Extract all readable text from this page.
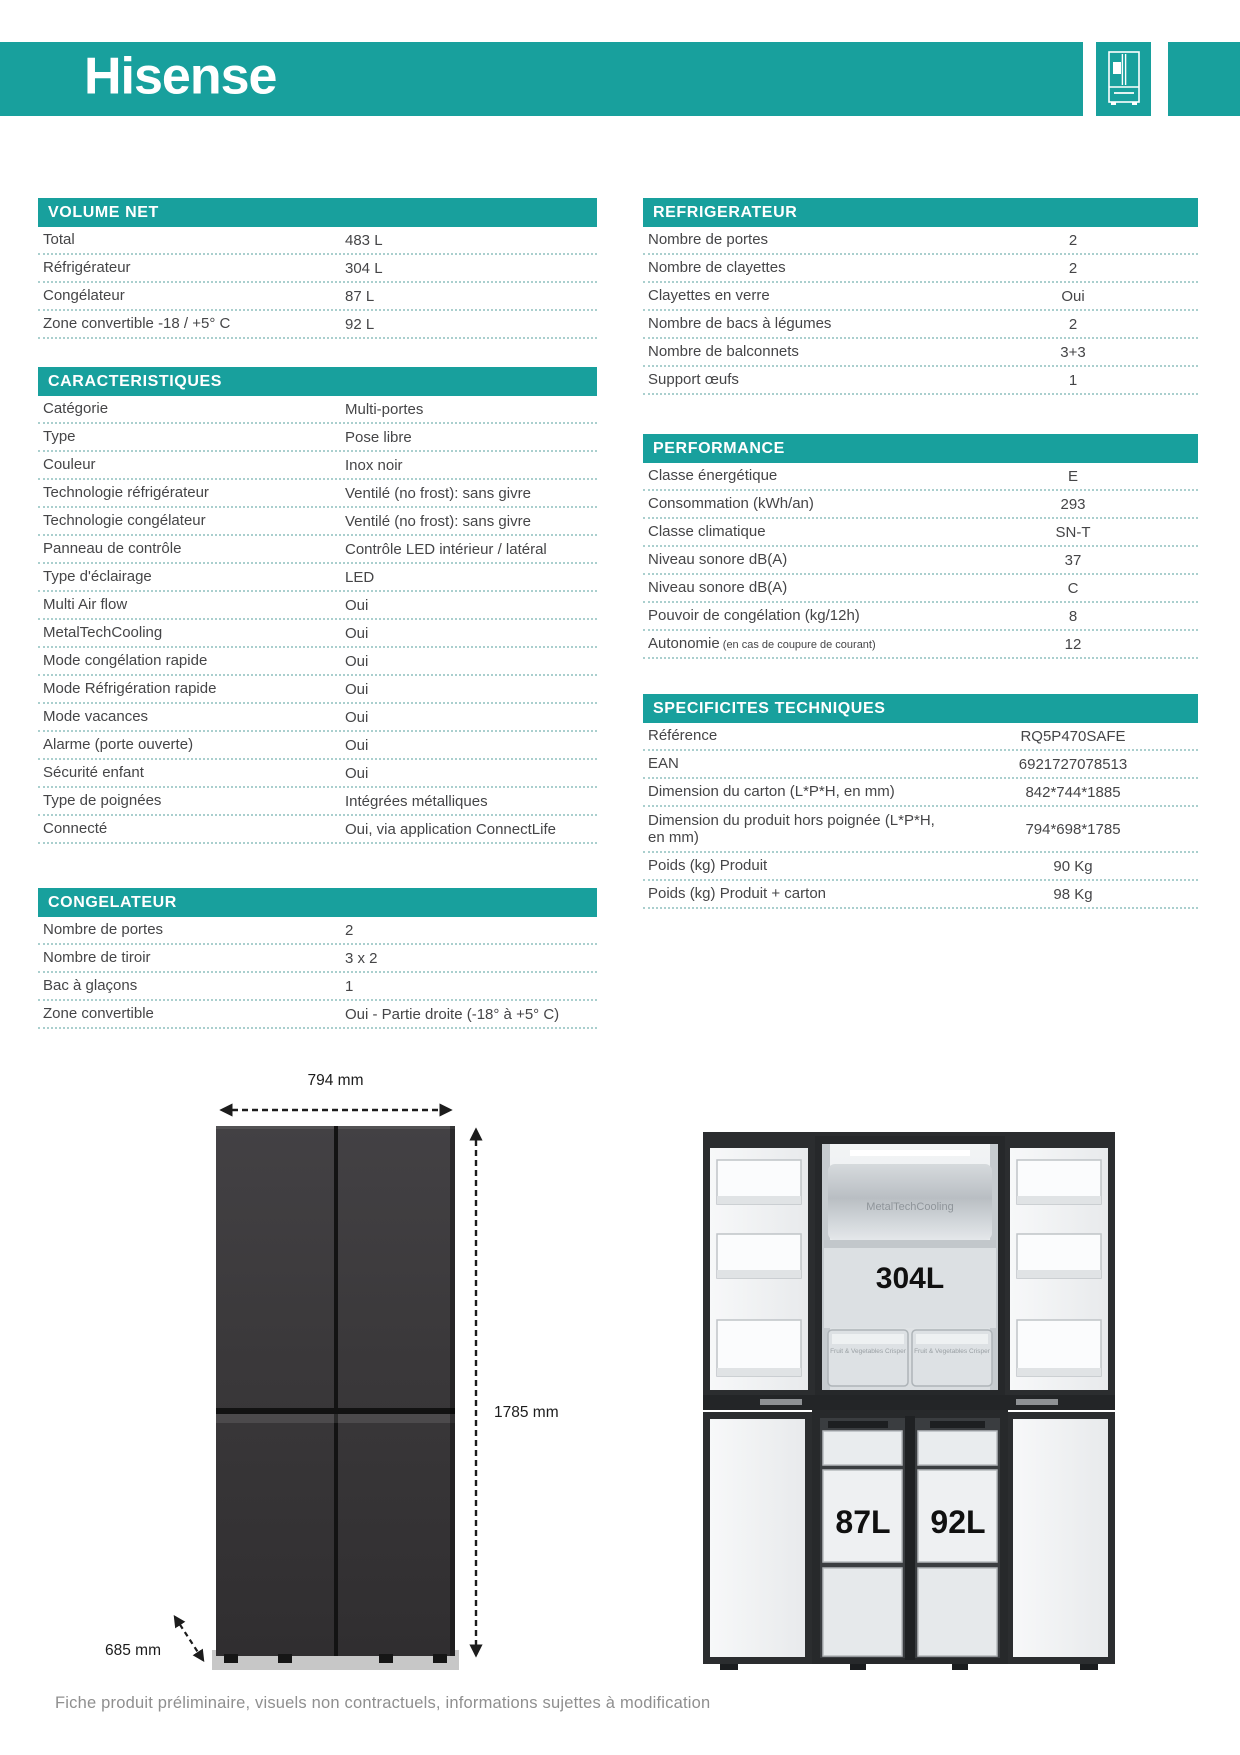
Hisense
VOLUME NET
Total	483 L
Réfrigérateur	304 L
Congélateur	87 L
Zone convertible -18 / +5° C	92 L
CARACTERISTIQUES
Catégorie	Multi-portes
Type	Pose libre
Couleur	Inox noir
Technologie réfrigérateur	Ventilé (no frost): sans givre
Technologie congélateur	Ventilé (no frost): sans givre
Panneau de contrôle	Contrôle LED intérieur / latéral
Type d'éclairage	LED
Multi Air flow	Oui
MetalTechCooling	Oui
Mode congélation rapide	Oui
Mode Réfrigération rapide	Oui
Mode vacances	Oui
Alarme (porte ouverte)	Oui
Sécurité enfant	Oui
Type de poignées	Intégrées métalliques
Connecté	Oui, via application ConnectLife
CONGELATEUR
Nombre de portes	2
Nombre de tiroir	3 x 2
Bac à glaçons	1
Zone convertible	Oui - Partie droite (-18° à +5° C)
REFRIGERATEUR
Nombre de portes	2
Nombre de clayettes	2
Clayettes en verre	Oui
Nombre de bacs à légumes	2
Nombre de balconnets	3+3
Support œufs	1
PERFORMANCE
Classe énergétique	E
Consommation (kWh/an)	293
Classe climatique	SN-T
Niveau sonore dB(A)	37
Niveau sonore dB(A)	C
Pouvoir de congélation (kg/12h)	8
Autonomie (en cas de coupure de courant)	12
SPECIFICITES TECHNIQUES
Référence	RQ5P470SAFE
EAN	6921727078513
Dimension du carton (L*P*H, en mm)	842*744*1885
Dimension du produit hors poignée (L*P*H, en mm)	794*698*1785
Poids (kg) Produit	90 Kg
Poids (kg) Produit + carton	98 Kg
794 mm
1785 mm
685 mm
MetalTechCooling
304L
Fruit & Vegetables Crisper Fruit & Vegetables Crisper
87L 92L
Fiche produit préliminaire, visuels non contractuels, informations sujettes à modification
